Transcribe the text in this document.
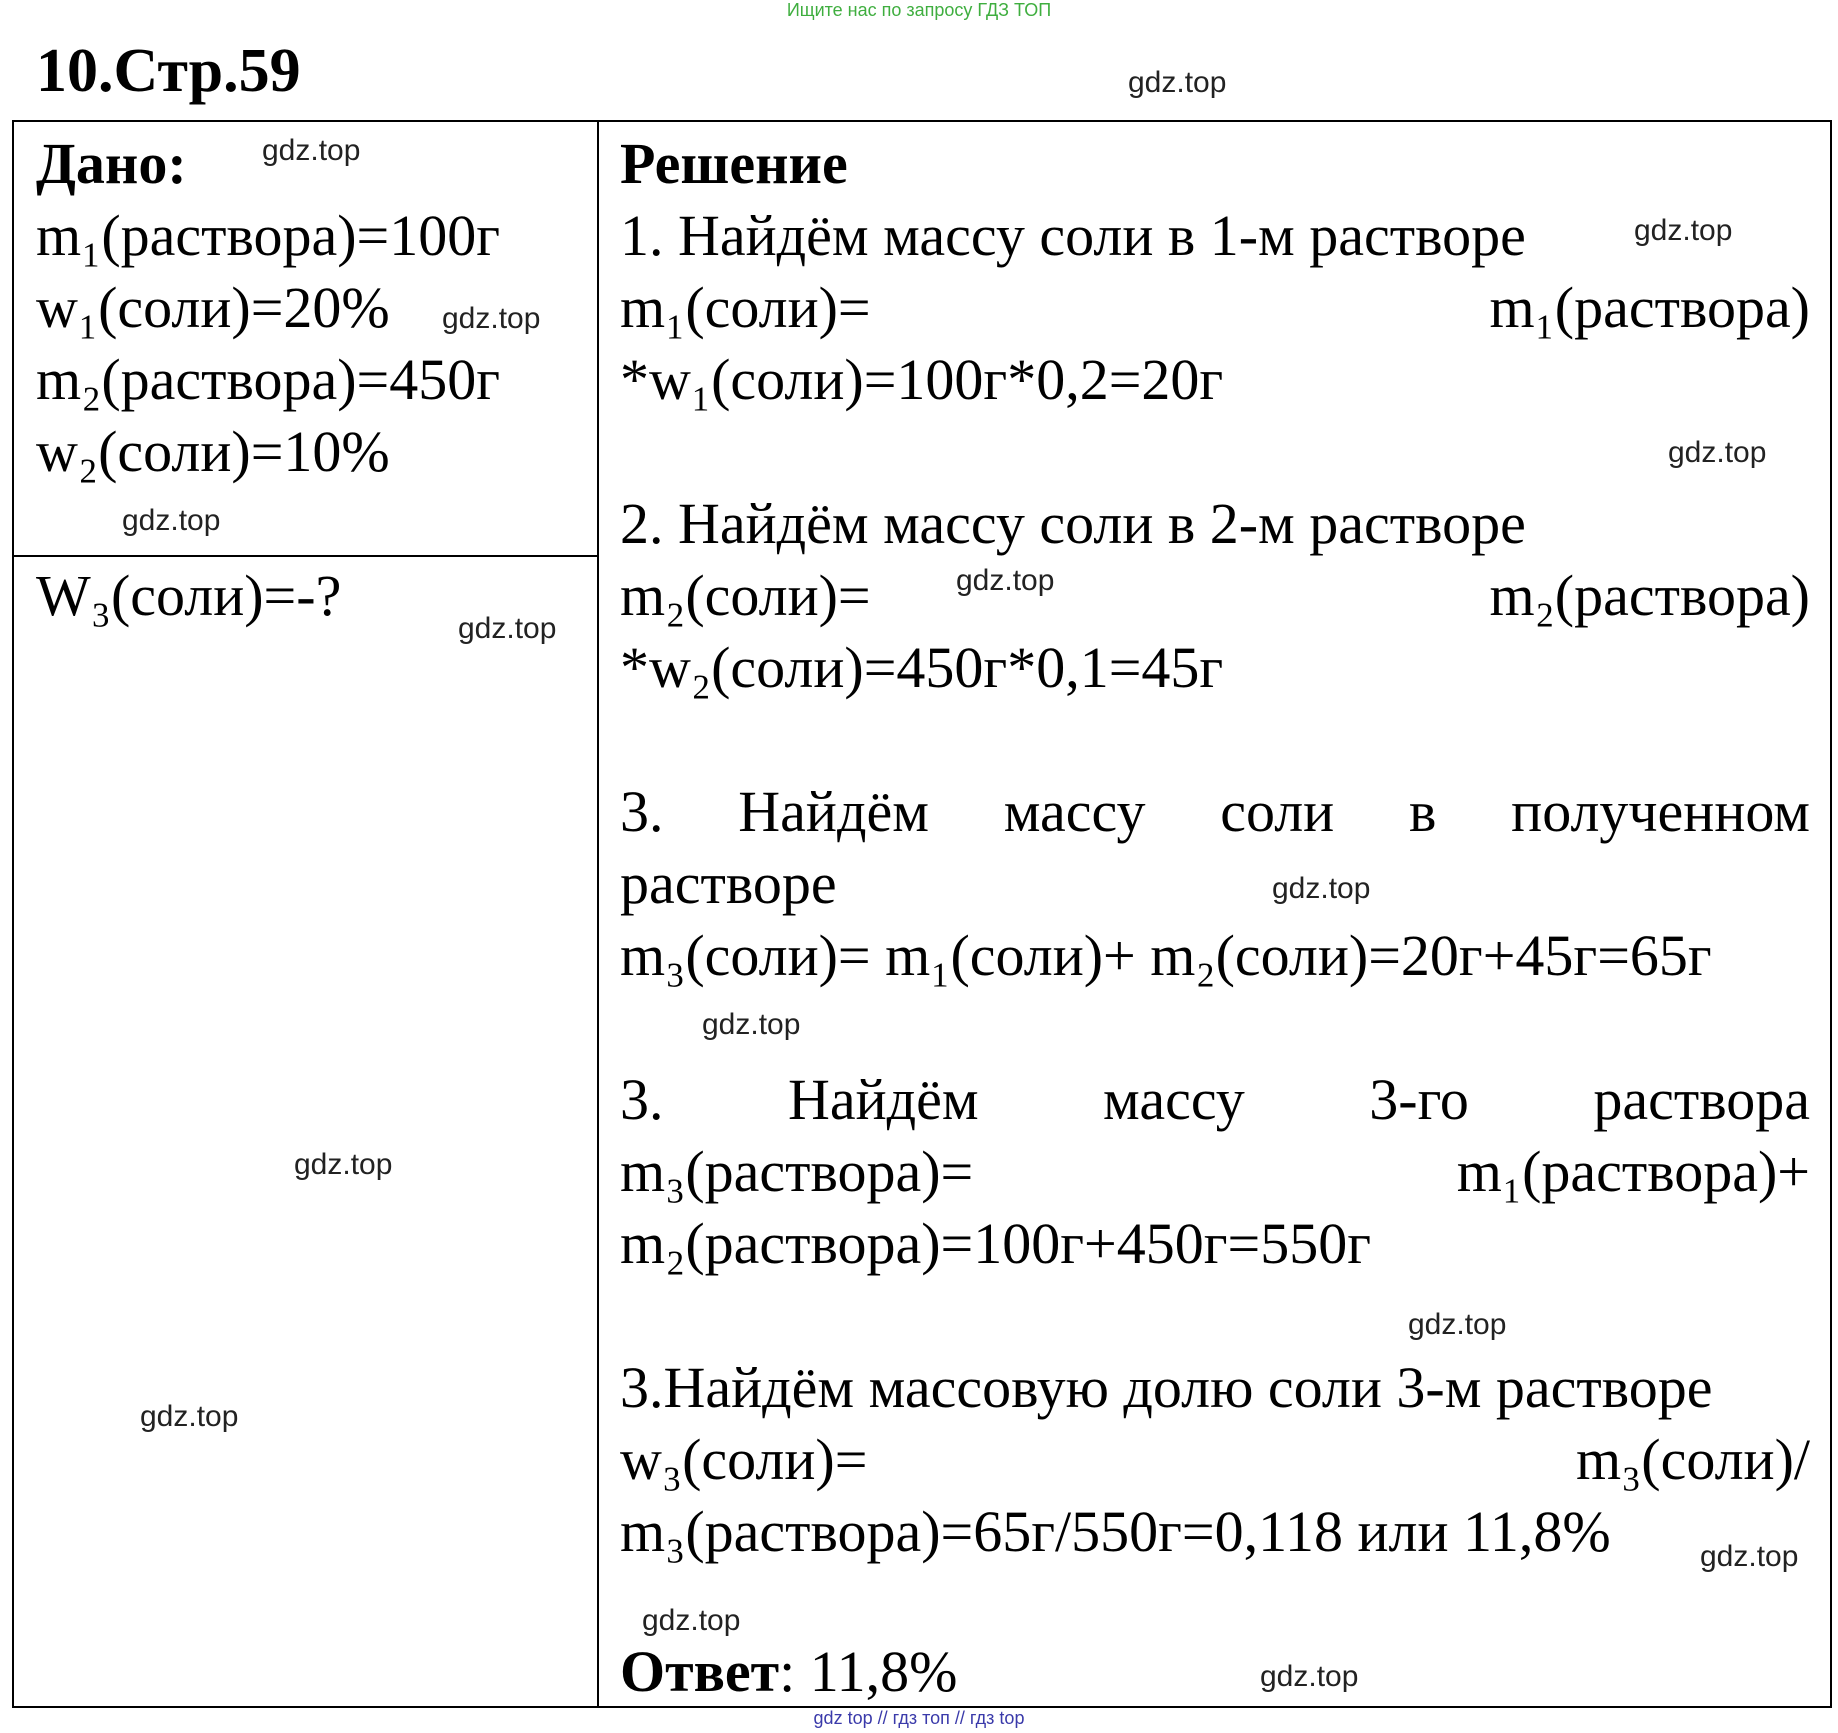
Ищите нас по запросу ГДЗ ТОП
10.Стр.59
Дано:
m₁(раствора)=100г
w₁(соли)=20%
m₂(раствора)=450г
w₂(соли)=10%
W₃(соли)=-?
Решение
1. Найдём массу соли в 1-м растворе
m₁(соли)=	m₁(раствора)
*w₁(соли)=100г*0,2=20г
2. Найдём массу соли в 2-м растворе
m₂(соли)=	m₂(раствора)
*w₂(соли)=450г*0,1=45г
3. Найдём массу соли в полученном
растворе
m₃(соли)= m₁(соли)+ m₂(соли)=20г+45г=65г
3. Найдём массу 3-го раствора
m₃(раствора)=	m₁(раствора)+
m₂(раствора)=100г+450г=550г
3.Найдём массовую долю соли 3-м растворе
w₃(соли)=	m₃(соли)/
m₃(раствора)=65г/550г=0,118 или 11,8%
Ответ: 11,8%
gdz.top
gdz.top
gdz.top
gdz.top
gdz.top
gdz.top
gdz.top
gdz.top
gdz.top
gdz.top
gdz.top
gdz.top
gdz.top
gdz.top
gdz.top
gdz.top
gdz top // гдз топ // гдз top
